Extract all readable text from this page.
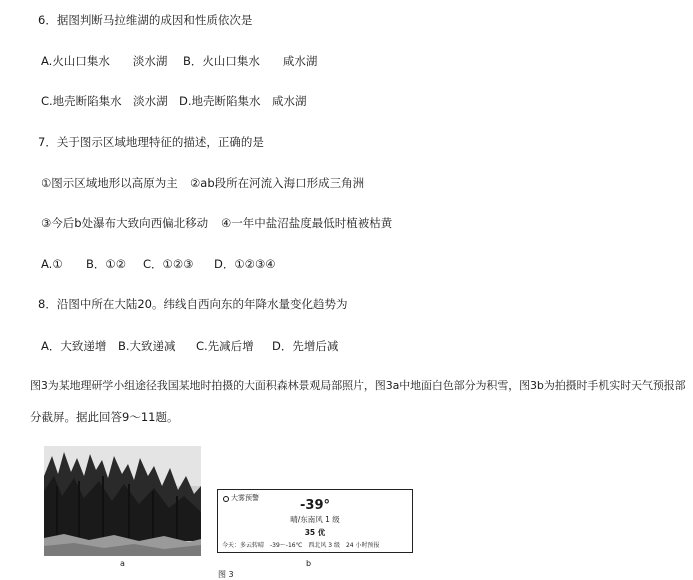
6．据图判断马拉维湖的成因和性质依次是
A.火山口集水　　淡水湖 B．火山口集水　　咸水湖
C.地壳断陷集水　淡水湖 D.地壳断陷集水　咸水湖
7．关于图示区域地理特征的描述，正确的是
①图示区域地形以高原为主 ②ab段所在河流入海口形成三角洲
③今后b处瀑布大致向西偏北移动 ④一年中盐沼盐度最低时植被枯黄
A.① B．①② C．①②③ D．①②③④
8．沿图中所在大陆20。纬线自西向东的年降水量变化趋势为
A．大致递增 B.大致递减 C.先减后增 D．先增后减
图3为某地理研学小组途径我国某地时拍摄的大面积森林景观局部照片，图3a中地面白色部分为积雪，图3b为拍摄时手机实时天气预报部
分截屏。据此回答9～11题。
a
大雾预警	-39°
晴/东南风 1 级
35 优
今天：多云转晴　-39～-16℃　西北风 3 级　24 小时预报
b
图 3
